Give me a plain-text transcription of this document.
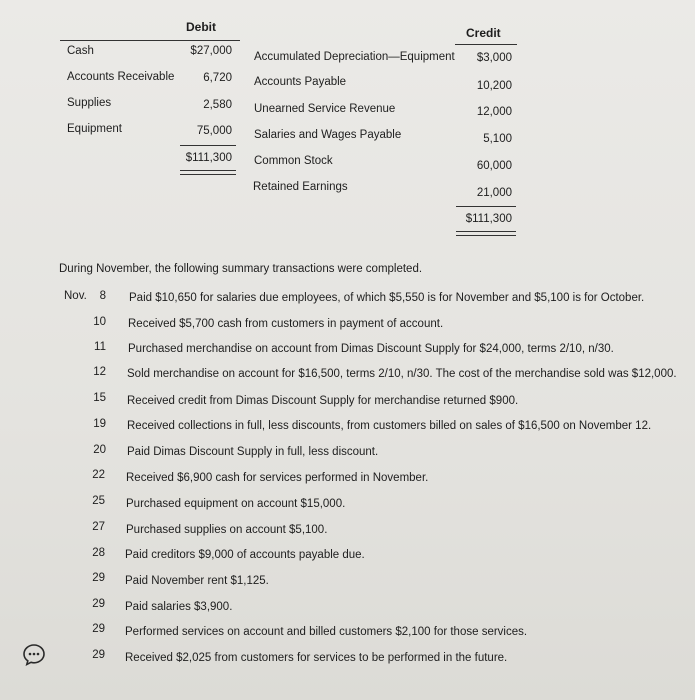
Debit	Credit
Cash	$27,000
Accounts Receivable	6,720
Supplies	2,580
Equipment	75,000
$111,300
Accumulated Depreciation—Equipment	$3,000
Accounts Payable	10,200
Unearned Service Revenue	12,000
Salaries and Wages Payable	5,100
Common Stock	60,000
Retained Earnings	21,000
$111,300
During November, the following summary transactions were completed.
Nov.	8 Paid $10,650 for salaries due employees, of which $5,550 is for November and $5,100 is for October.
10 Received $5,700 cash from customers in payment of account.
11 Purchased merchandise on account from Dimas Discount Supply for $24,000, terms 2/10, n/30.
12 Sold merchandise on account for $16,500, terms 2/10, n/30. The cost of the merchandise sold was $12,000.
15 Received credit from Dimas Discount Supply for merchandise returned $900.
19 Received collections in full, less discounts, from customers billed on sales of $16,500 on November 12.
20 Paid Dimas Discount Supply in full, less discount.
22 Received $6,900 cash for services performed in November.
25 Purchased equipment on account $15,000.
27 Purchased supplies on account $5,100.
28 Paid creditors $9,000 of accounts payable due.
29 Paid November rent $1,125.
29 Paid salaries $3,900.
29 Performed services on account and billed customers $2,100 for those services.
29 Received $2,025 from customers for services to be performed in the future.
